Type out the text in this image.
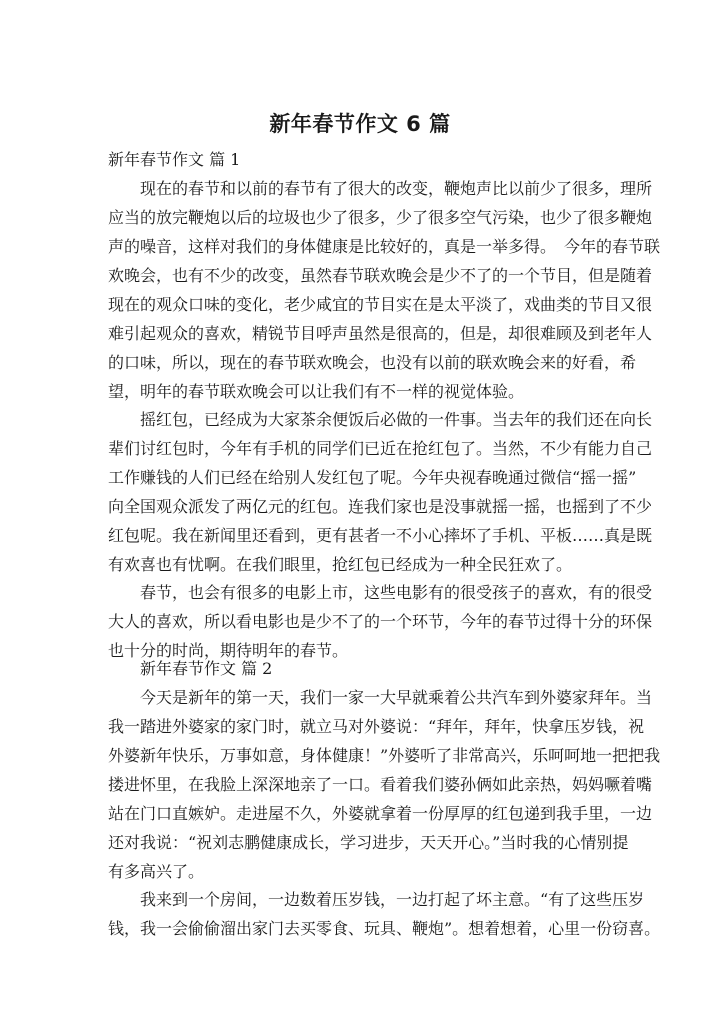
新年春节作文 6 篇
新年春节作文 篇 1
　　现在的春节和以前的春节有了很大的改变，鞭炮声比以前少了很多，理所
应当的放完鞭炮以后的垃圾也少了很多，少了很多空气污染，也少了很多鞭炮
声的噪音，这样对我们的身体健康是比较好的，真是一举多得。　今年的春节联
欢晚会，也有不少的改变，虽然春节联欢晚会是少不了的一个节目，但是随着
现在的观众口味的变化，老少咸宜的节目实在是太平淡了，戏曲类的节目又很
难引起观众的喜欢，精锐节目呼声虽然是很高的，但是，却很难顾及到老年人
的口味，所以，现在的春节联欢晚会，也没有以前的联欢晚会来的好看，希
望，明年的春节联欢晚会可以让我们有不一样的视觉体验。
　　摇红包，已经成为大家茶余便饭后必做的一件事。当去年的我们还在向长
辈们讨红包时，今年有手机的同学们已近在抢红包了。当然，不少有能力自己
工作赚钱的人们已经在给别人发红包了呢。今年央视春晚通过微信“摇一摇”
向全国观众派发了两亿元的红包。连我们家也是没事就摇一摇，也摇到了不少
红包呢。我在新闻里还看到，更有甚者一不小心摔坏了手机、平板……真是既
有欢喜也有忧啊。在我们眼里，抢红包已经成为一种全民狂欢了。
　　春节，也会有很多的电影上市，这些电影有的很受孩子的喜欢，有的很受
大人的喜欢，所以看电影也是少不了的一个环节，今年的春节过得十分的环保
也十分的时尚，期待明年的春节。
新年春节作文 篇 2
　　今天是新年的第一天，我们一家一大早就乘着公共汽车到外婆家拜年。当
我一踏进外婆家的家门时，就立马对外婆说：“拜年，拜年，快拿压岁钱，祝
外婆新年快乐，万事如意，身体健康！”外婆听了非常高兴，乐呵呵地一把把我
搂进怀里，在我脸上深深地亲了一口。看着我们婆孙俩如此亲热，妈妈噘着嘴
站在门口直嫉妒。走进屋不久，外婆就拿着一份厚厚的红包递到我手里，一边
还对我说：“祝刘志鹏健康成长，学习进步，天天开心。”当时我的心情别提
有多高兴了。
　　我来到一个房间，一边数着压岁钱，一边打起了坏主意。“有了这些压岁
钱，我一会偷偷溜出家门去买零食、玩具、鞭炮”。想着想着，心里一份窃喜。
